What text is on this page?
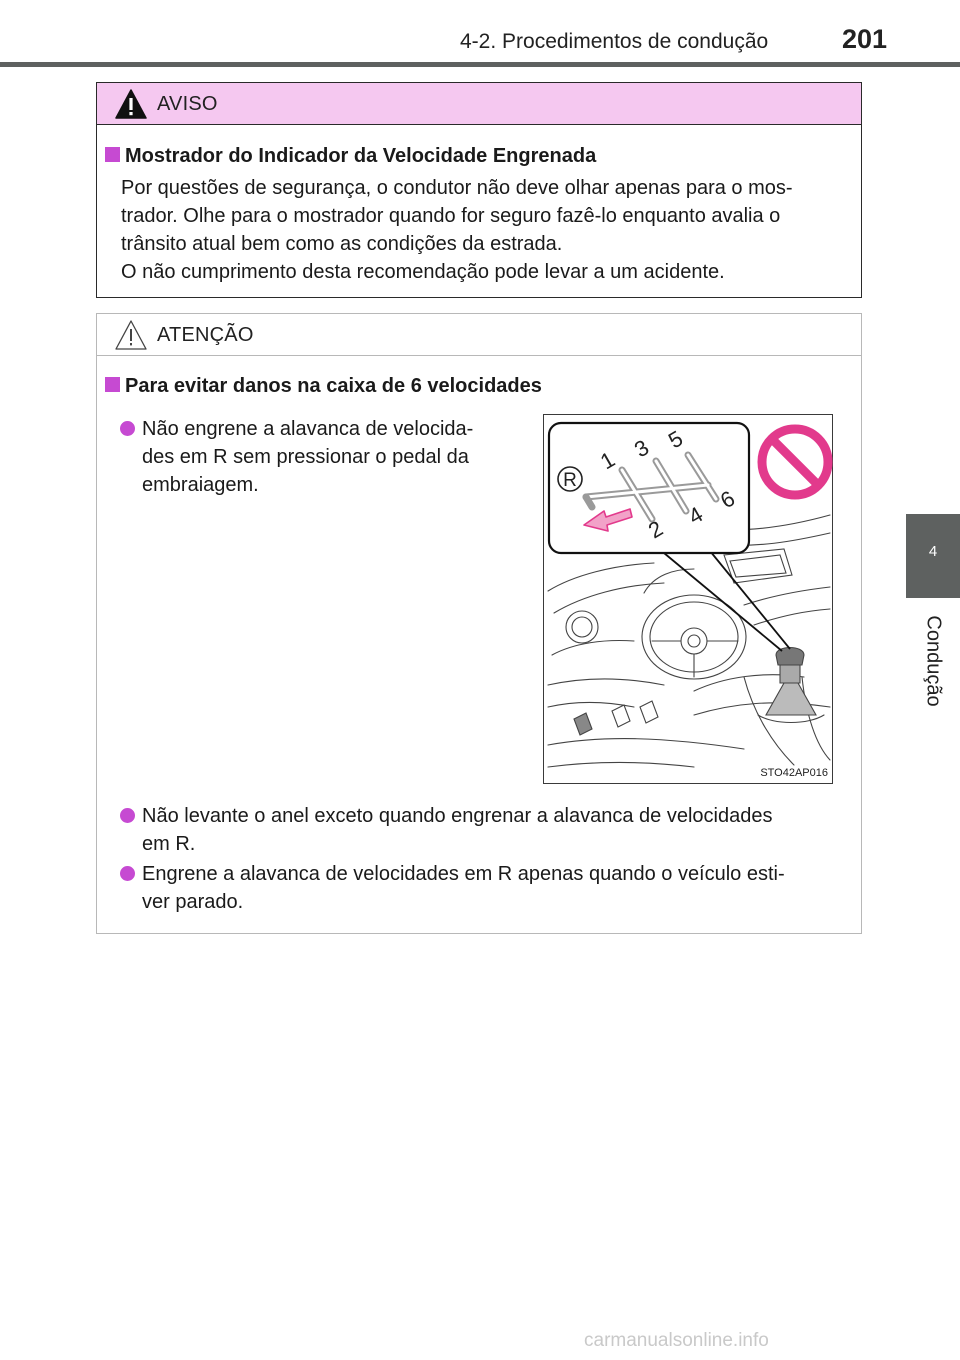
4-2. Procedimentos de condução	201
4
Condução
AVISO
Mostrador do Indicador da Velocidade Engrenada
Por questões de segurança, o condutor não deve olhar apenas para o mos-
trador. Olhe para o mostrador quando for seguro fazê-lo enquanto avalia o
trânsito atual bem como as condições da estrada.
O não cumprimento desta recomendação pode levar a um acidente.
ATENÇÃO
Para evitar danos na caixa de 6 velocidades
Não engrene a alavanca de velocida-
des em R sem pressionar o pedal da
embraiagem.	R
1
2
3
4
5
6
STO42AP016
Não levante o anel exceto quando engrenar a alavanca de velocidades
em R.
Engrene a alavanca de velocidades em R apenas quando o veículo esti-
ver parado.
carmanualsonline.info
